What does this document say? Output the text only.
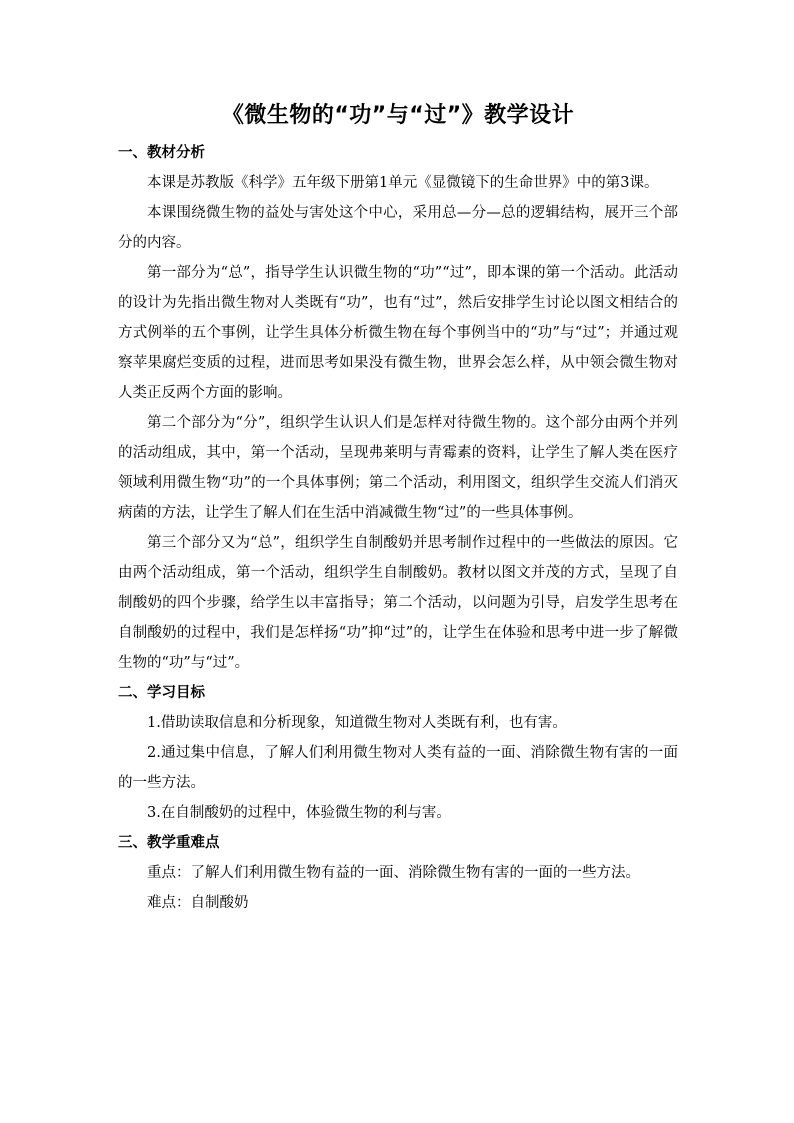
《微生物的“功”与“过”》教学设计
一、教材分析

本课是苏教版《科学》五年级下册第1单元《显微镜下的生命世界》中的第3课。

本课围绕微生物的益处与害处这个中心，采用总—分—总的逻辑结构，展开三个部分的内容。

第一部分为“总”，指导学生认识微生物的“功”“过”，即本课的第一个活动。此活动的设计为先指出微生物对人类既有“功”，也有“过”，然后安排学生讨论以图文相结合的方式例举的五个事例，让学生具体分析微生物在每个事例当中的“功”与“过”；并通过观察苹果腐烂变质的过程，进而思考如果没有微生物，世界会怎么样，从中领会微生物对人类正反两个方面的影响。

第二个部分为“分”，组织学生认识人们是怎样对待微生物的。这个部分由两个并列的活动组成，其中，第一个活动，呈现弗莱明与青霉素的资料，让学生了解人类在医疗领域利用微生物“功”的一个具体事例；第二个活动，利用图文，组织学生交流人们消灭病菌的方法，让学生了解人们在生活中消减微生物“过”的一些具体事例。

第三个部分又为“总”，组织学生自制酸奶并思考制作过程中的一些做法的原因。它由两个活动组成，第一个活动，组织学生自制酸奶。教材以图文并茂的方式，呈现了自制酸奶的四个步骤，给学生以丰富指导；第二个活动，以问题为引导，启发学生思考在自制酸奶的过程中，我们是怎样扬“功”抑“过”的，让学生在体验和思考中进一步了解微生物的“功”与“过”。

二、学习目标

1.借助读取信息和分析现象，知道微生物对人类既有利，也有害。

2.通过集中信息，了解人们利用微生物对人类有益的一面、消除微生物有害的一面的一些方法。

3.在自制酸奶的过程中，体验微生物的利与害。

三、教学重难点

重点：了解人们利用微生物有益的一面、消除微生物有害的一面的一些方法。

难点：自制酸奶
